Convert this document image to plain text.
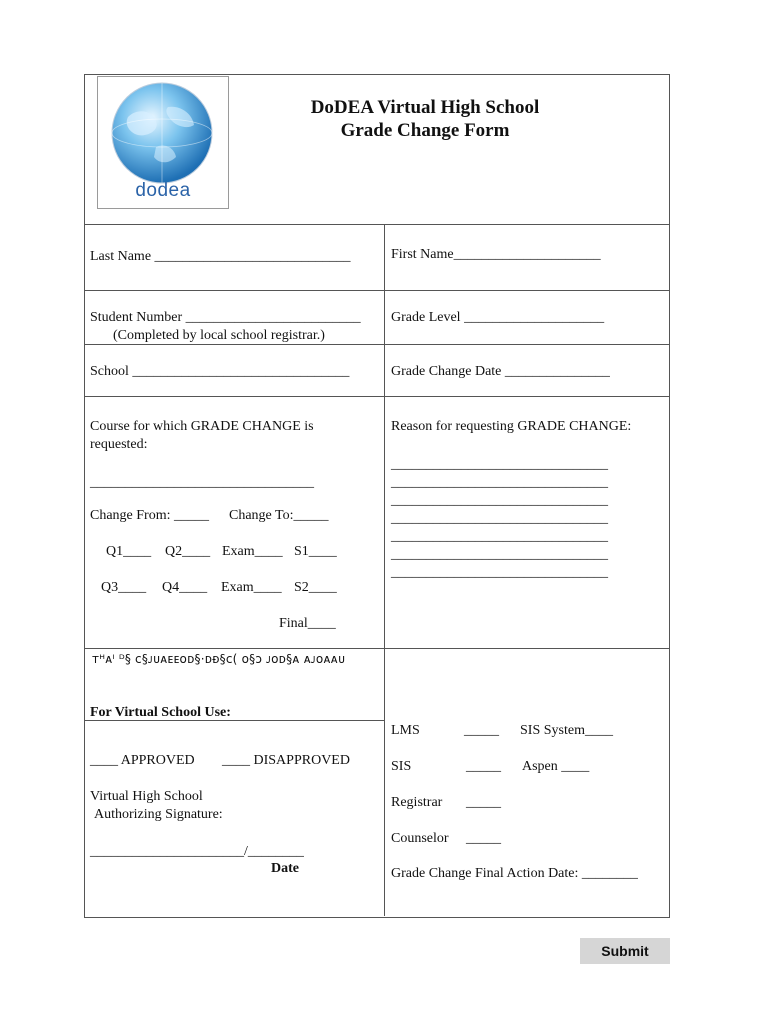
dodea
DoDEA Virtual High School
Grade Change Form
Last Name ____________________________	First Name_____________________
Student Number _________________________
(Completed by local school registrar.)
Grade Level ____________________
School _______________________________	Grade Change Date _______________
Course for which GRADE CHANGE is
requested:
________________________________
Change From: _____ Change To:_____
Q1____ Q2____ Exam____ S1____
Q3____ Q4____ Exam____ S2____
Final____
Reason for requesting GRADE CHANGE:
_______________________________
_______________________________
_______________________________
_______________________________
_______________________________
_______________________________
_______________________________
ᴛᴴᴀᴵ ᴰ§ ᴄ§ᴊᴜᴀᴇᴇᴏᴅ§·ᴅᴆ§ᴄ( ᴏ§ᴐ ᴊᴏᴅ§ᴀ ᴀᴊᴏᴀᴀᴜ
For Virtual School Use:
____ APPROVED ____ DISAPPROVED
Virtual High School
Authorizing Signature:
______________________/________
Date
LMS	_____ SIS System____
SIS	_____ Aspen ____
Registrar _____
Counselor _____
Grade Change Final Action Date: ________
Submit
